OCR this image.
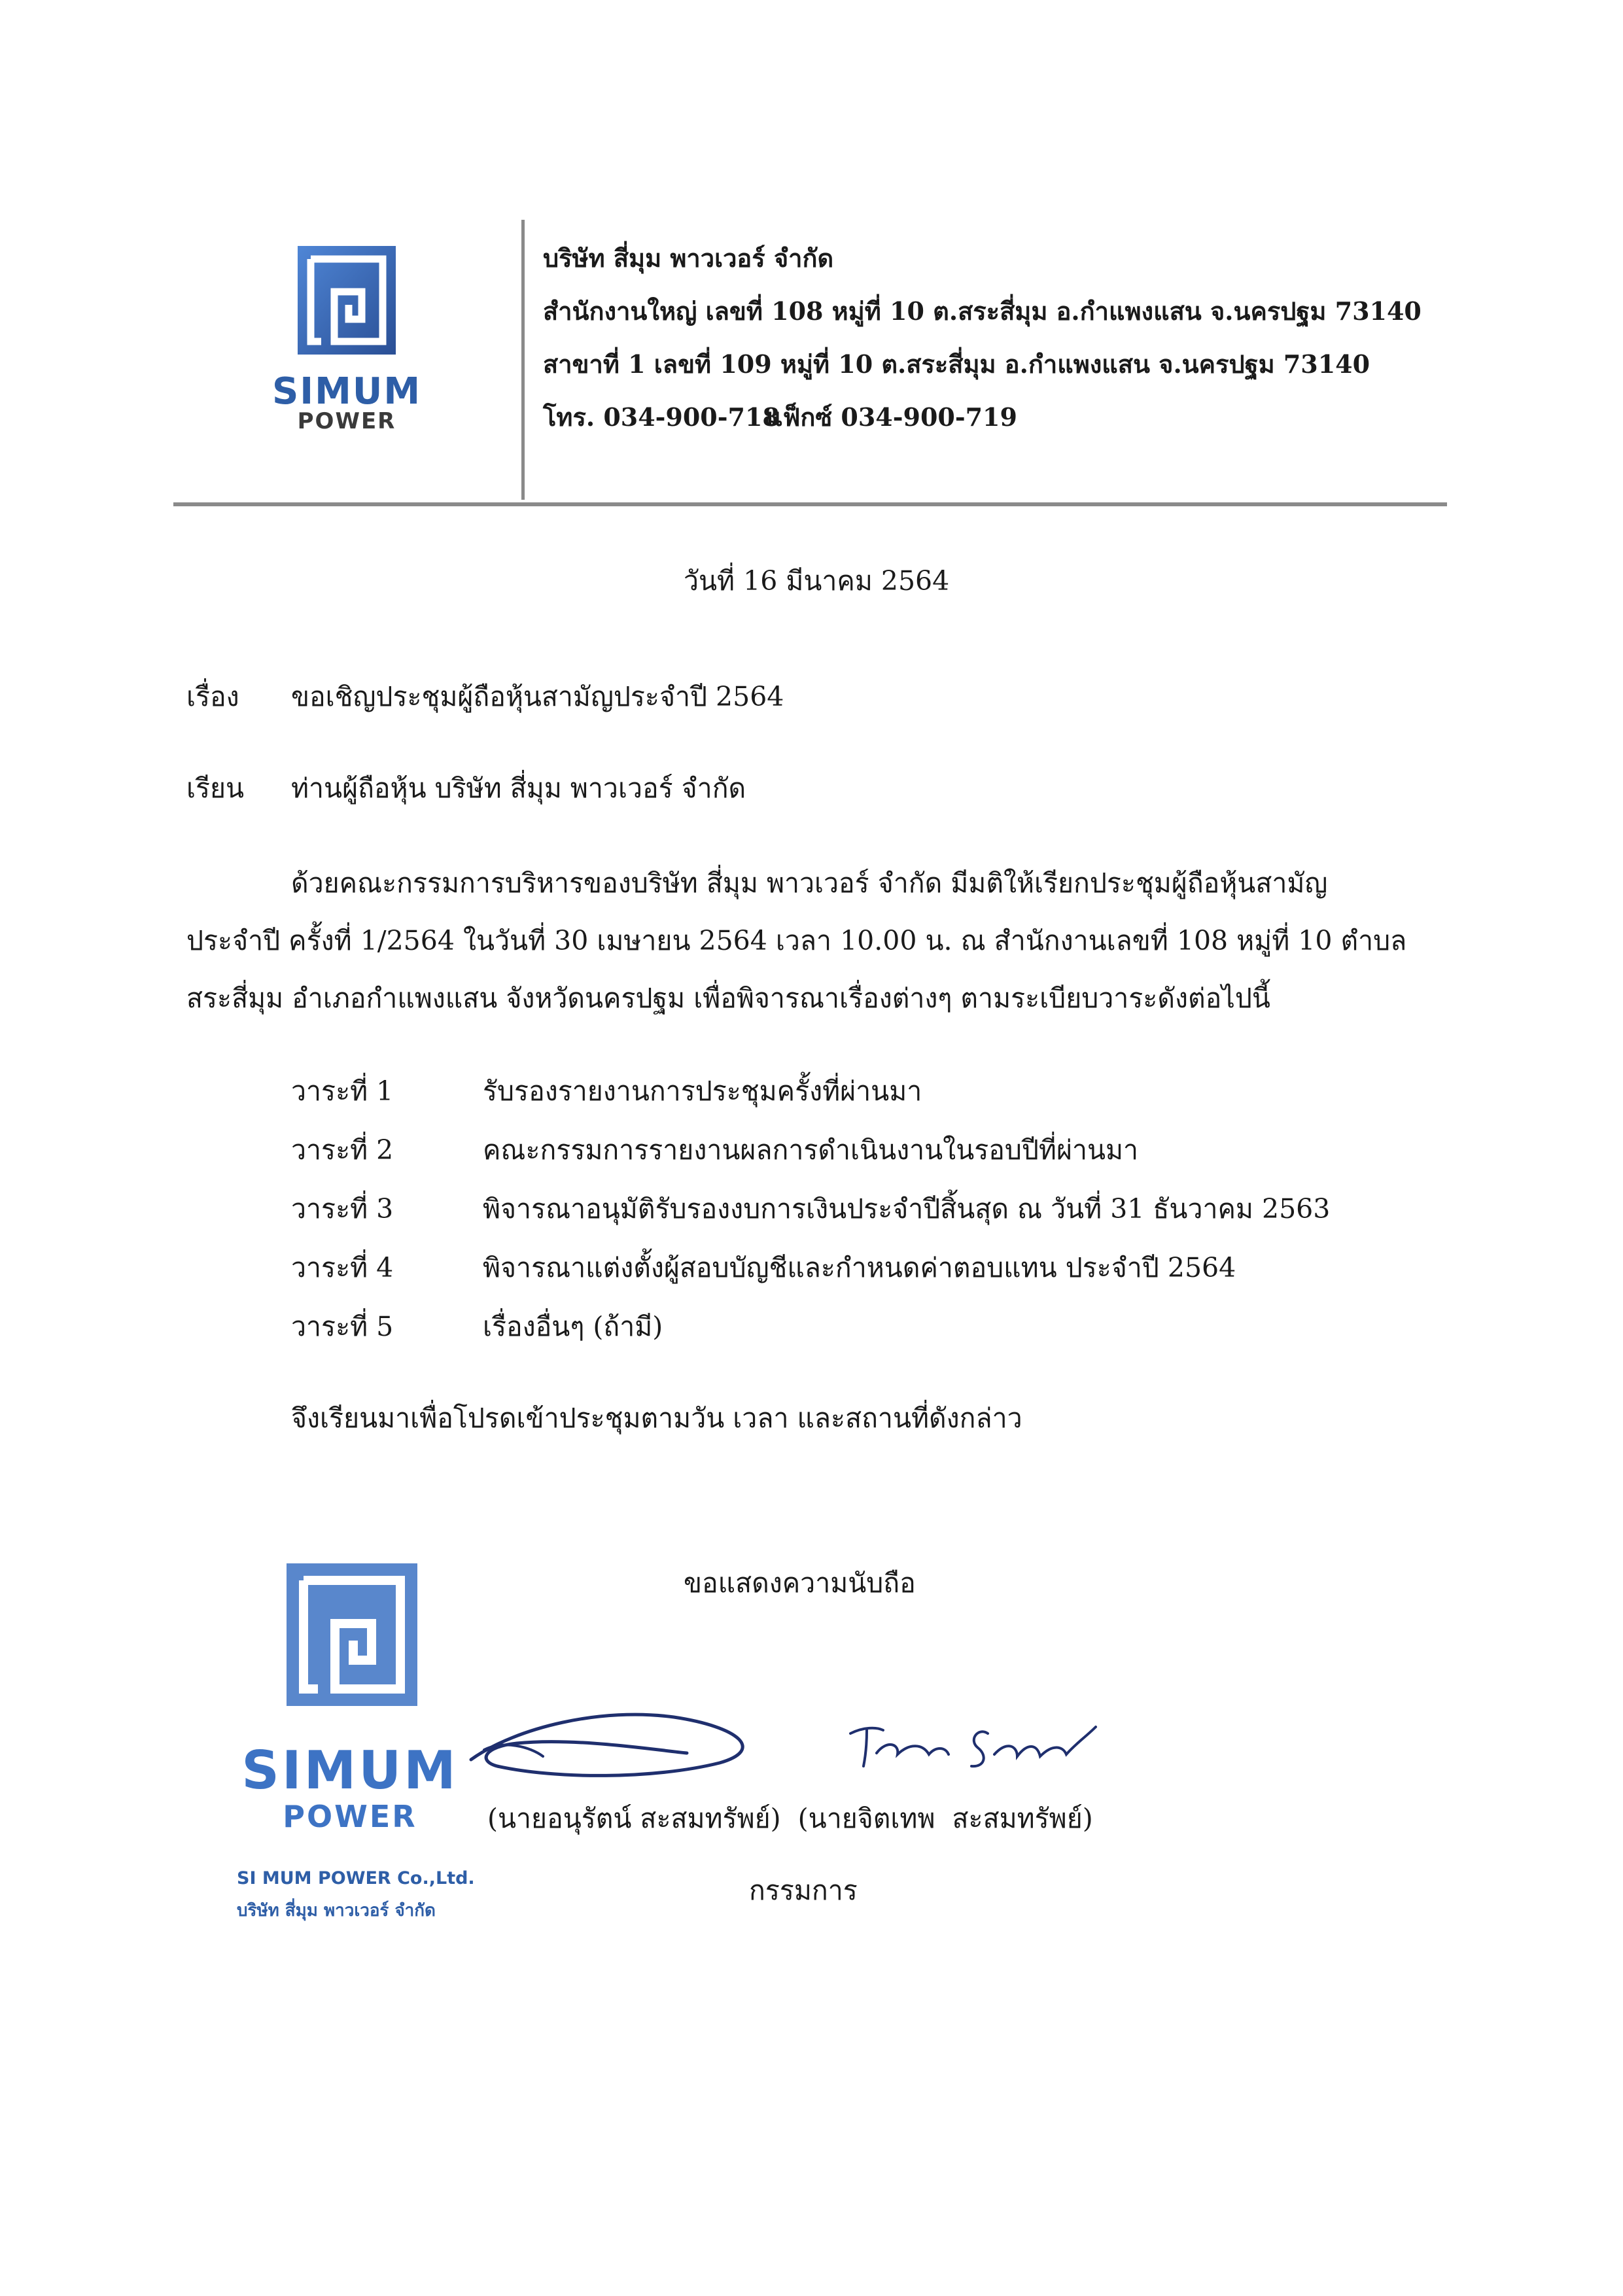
SIMUM
POWER
บริษัท สี่มุม พาวเวอร์ จำกัด
สำนักงานใหญ่ เลขที่ 108 หมู่ที่ 10 ต.สระสี่มุม อ.กำแพงแสน จ.นครปฐม 73140
สาขาที่ 1 เลขที่ 109 หมู่ที่ 10 ต.สระสี่มุม อ.กำแพงแสน จ.นครปฐม 73140
โทร. 034-900-718
แฟ็กซ์ 034-900-719
วันที่ 16 มีนาคม 2564
เรื่อง ขอเชิญประชุมผู้ถือหุ้นสามัญประจำปี 2564
เรียน ท่านผู้ถือหุ้น บริษัท สี่มุม พาวเวอร์ จำกัด
ด้วยคณะกรรมการบริหารของบริษัท สี่มุม พาวเวอร์ จำกัด มีมติให้เรียกประชุมผู้ถือหุ้นสามัญ
ประจำปี ครั้งที่ 1/2564 ในวันที่ 30 เมษายน 2564 เวลา 10.00 น. ณ สำนักงานเลขที่ 108 หมู่ที่ 10 ตำบล
สระสี่มุม อำเภอกำแพงแสน จังหวัดนครปฐม เพื่อพิจารณาเรื่องต่างๆ ตามระเบียบวาระดังต่อไปนี้
วาระที่ 1	รับรองรายงานการประชุมครั้งที่ผ่านมา
วาระที่ 2	คณะกรรมการรายงานผลการดำเนินงานในรอบปีที่ผ่านมา
วาระที่ 3	พิจารณาอนุมัติรับรองงบการเงินประจำปีสิ้นสุด ณ วันที่ 31 ธันวาคม 2563
วาระที่ 4	พิจารณาแต่งตั้งผู้สอบบัญชีและกำหนดค่าตอบแทน ประจำปี 2564
วาระที่ 5	เรื่องอื่นๆ (ถ้ามี)
จึงเรียนมาเพื่อโปรดเข้าประชุมตามวัน เวลา และสถานที่ดังกล่าว
ขอแสดงความนับถือ
SIMUM
POWER
SI MUM POWER Co.,Ltd.
บริษัท สี่มุม พาวเวอร์ จำกัด
(นายอนุรัตน์ สะสมทรัพย์)  (นายจิตเทพ  สะสมทรัพย์)
กรรมการ
